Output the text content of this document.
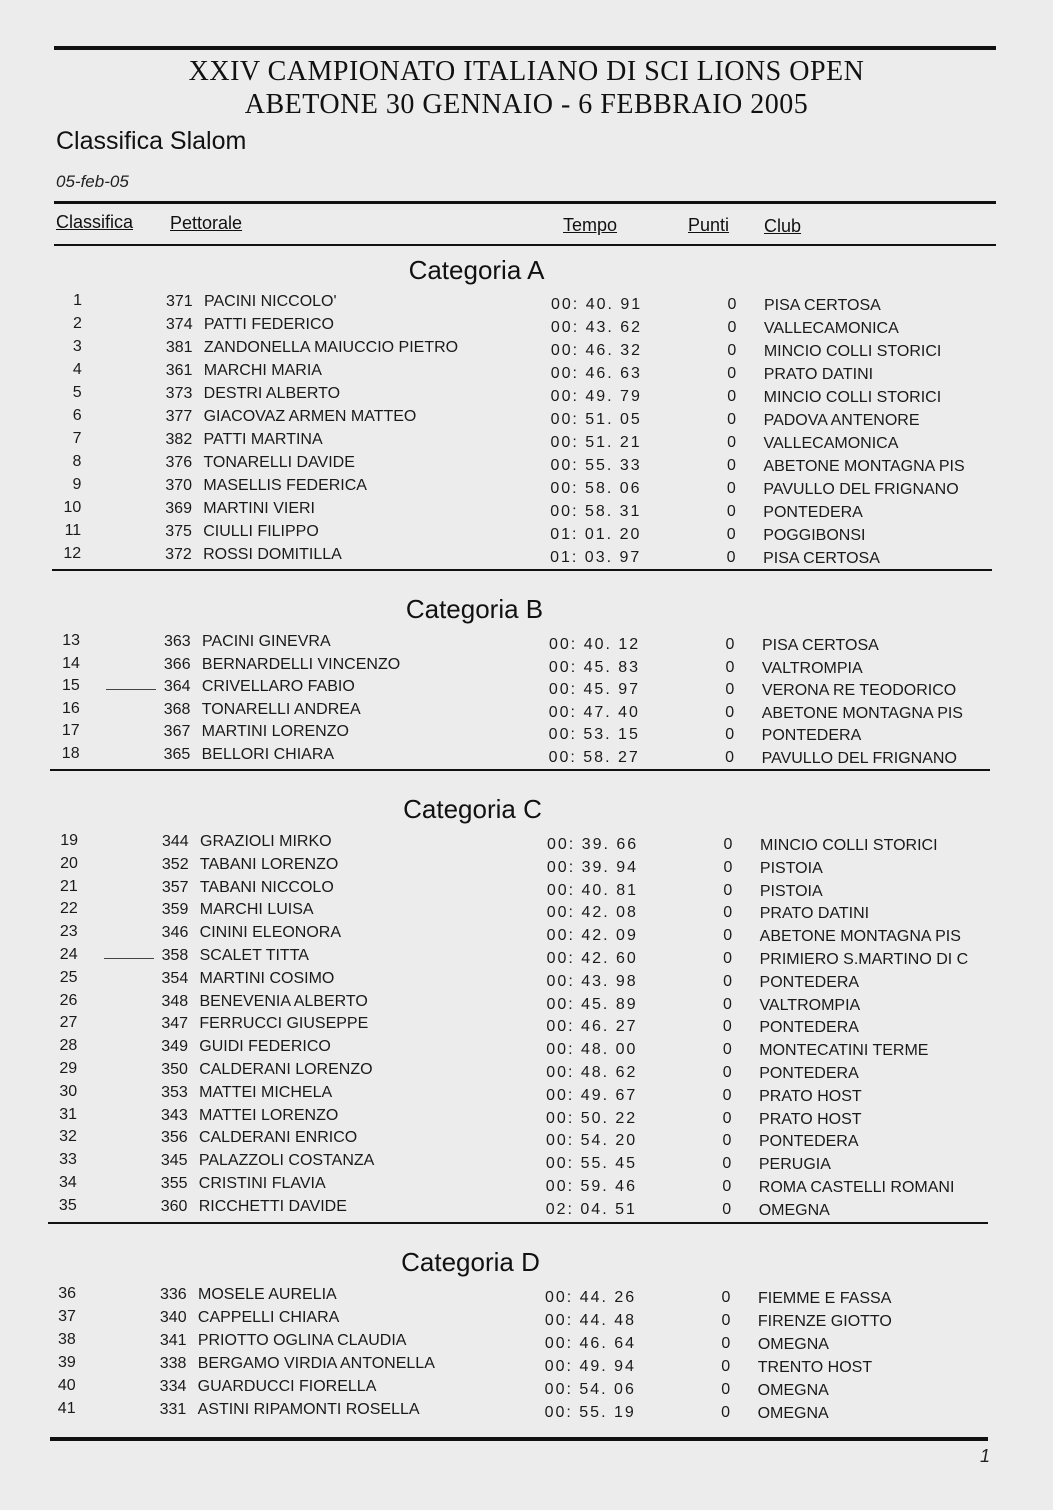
XXIV CAMPIONATO ITALIANO DI SCI LIONS OPEN
ABETONE 30 GENNAIO - 6 FEBBRAIO 2005
Classifica Slalom
05-feb-05
Classifica Pettorale	Tempo	Punti Club
Categoria A
1	371 PACINI NICCOLO'	00: 40. 91	0	PISA CERTOSA
2	374 PATTI FEDERICO	00: 43. 62	0	VALLECAMONICA
3	381 ZANDONELLA MAIUCCIO PIETRO	00: 46. 32	0	MINCIO COLLI STORICI
4	361 MARCHI MARIA	00: 46. 63	0	PRATO DATINI
5	373 DESTRI ALBERTO	00: 49. 79	0	MINCIO COLLI STORICI
6	377 GIACOVAZ ARMEN MATTEO	00: 51. 05	0	PADOVA ANTENORE
7	382 PATTI MARTINA	00: 51. 21	0	VALLECAMONICA
8	376 TONARELLI DAVIDE	00: 55. 33	0	ABETONE MONTAGNA PIS
9	370 MASELLIS FEDERICA	00: 58. 06	0	PAVULLO DEL FRIGNANO
10	369 MARTINI VIERI	00: 58. 31	0	PONTEDERA
11	375 CIULLI FILIPPO	01: 01. 20	0	POGGIBONSI
12	372 ROSSI DOMITILLA	01: 03. 97	0	PISA CERTOSA
Categoria B
13	363 PACINI GINEVRA	00: 40. 12	0	PISA CERTOSA
14	366 BERNARDELLI VINCENZO	00: 45. 83	0	VALTROMPIA
15	364 CRIVELLARO FABIO	00: 45. 97	0	VERONA RE TEODORICO
16	368 TONARELLI ANDREA	00: 47. 40	0	ABETONE MONTAGNA PIS
17	367 MARTINI LORENZO	00: 53. 15	0	PONTEDERA
18	365 BELLORI CHIARA	00: 58. 27	0	PAVULLO DEL FRIGNANO
Categoria C
19	344 GRAZIOLI MIRKO	00: 39. 66	0	MINCIO COLLI STORICI
20	352 TABANI LORENZO	00: 39. 94	0	PISTOIA
21	357 TABANI NICCOLO	00: 40. 81	0	PISTOIA
22	359 MARCHI LUISA	00: 42. 08	0	PRATO DATINI
23	346 CININI ELEONORA	00: 42. 09	0	ABETONE MONTAGNA PIS
24	358 SCALET TITTA	00: 42. 60	0	PRIMIERO S.MARTINO DI C
25	354 MARTINI COSIMO	00: 43. 98	0	PONTEDERA
26	348 BENEVENIA ALBERTO	00: 45. 89	0	VALTROMPIA
27	347 FERRUCCI GIUSEPPE	00: 46. 27	0	PONTEDERA
28	349 GUIDI FEDERICO	00: 48. 00	0	MONTECATINI TERME
29	350 CALDERANI LORENZO	00: 48. 62	0	PONTEDERA
30	353 MATTEI MICHELA	00: 49. 67	0	PRATO HOST
31	343 MATTEI LORENZO	00: 50. 22	0	PRATO HOST
32	356 CALDERANI ENRICO	00: 54. 20	0	PONTEDERA
33	345 PALAZZOLI COSTANZA	00: 55. 45	0	PERUGIA
34	355 CRISTINI FLAVIA	00: 59. 46	0	ROMA CASTELLI ROMANI
35	360 RICCHETTI DAVIDE	02: 04. 51	0	OMEGNA
Categoria D
36	336 MOSELE AURELIA	00: 44. 26	0	FIEMME E FASSA
37	340 CAPPELLI CHIARA	00: 44. 48	0	FIRENZE GIOTTO
38	341 PRIOTTO OGLINA CLAUDIA	00: 46. 64	0	OMEGNA
39	338 BERGAMO VIRDIA ANTONELLA	00: 49. 94	0	TRENTO HOST
40	334 GUARDUCCI FIORELLA	00: 54. 06	0	OMEGNA
41	331 ASTINI RIPAMONTI ROSELLA	00: 55. 19	0	OMEGNA
1
